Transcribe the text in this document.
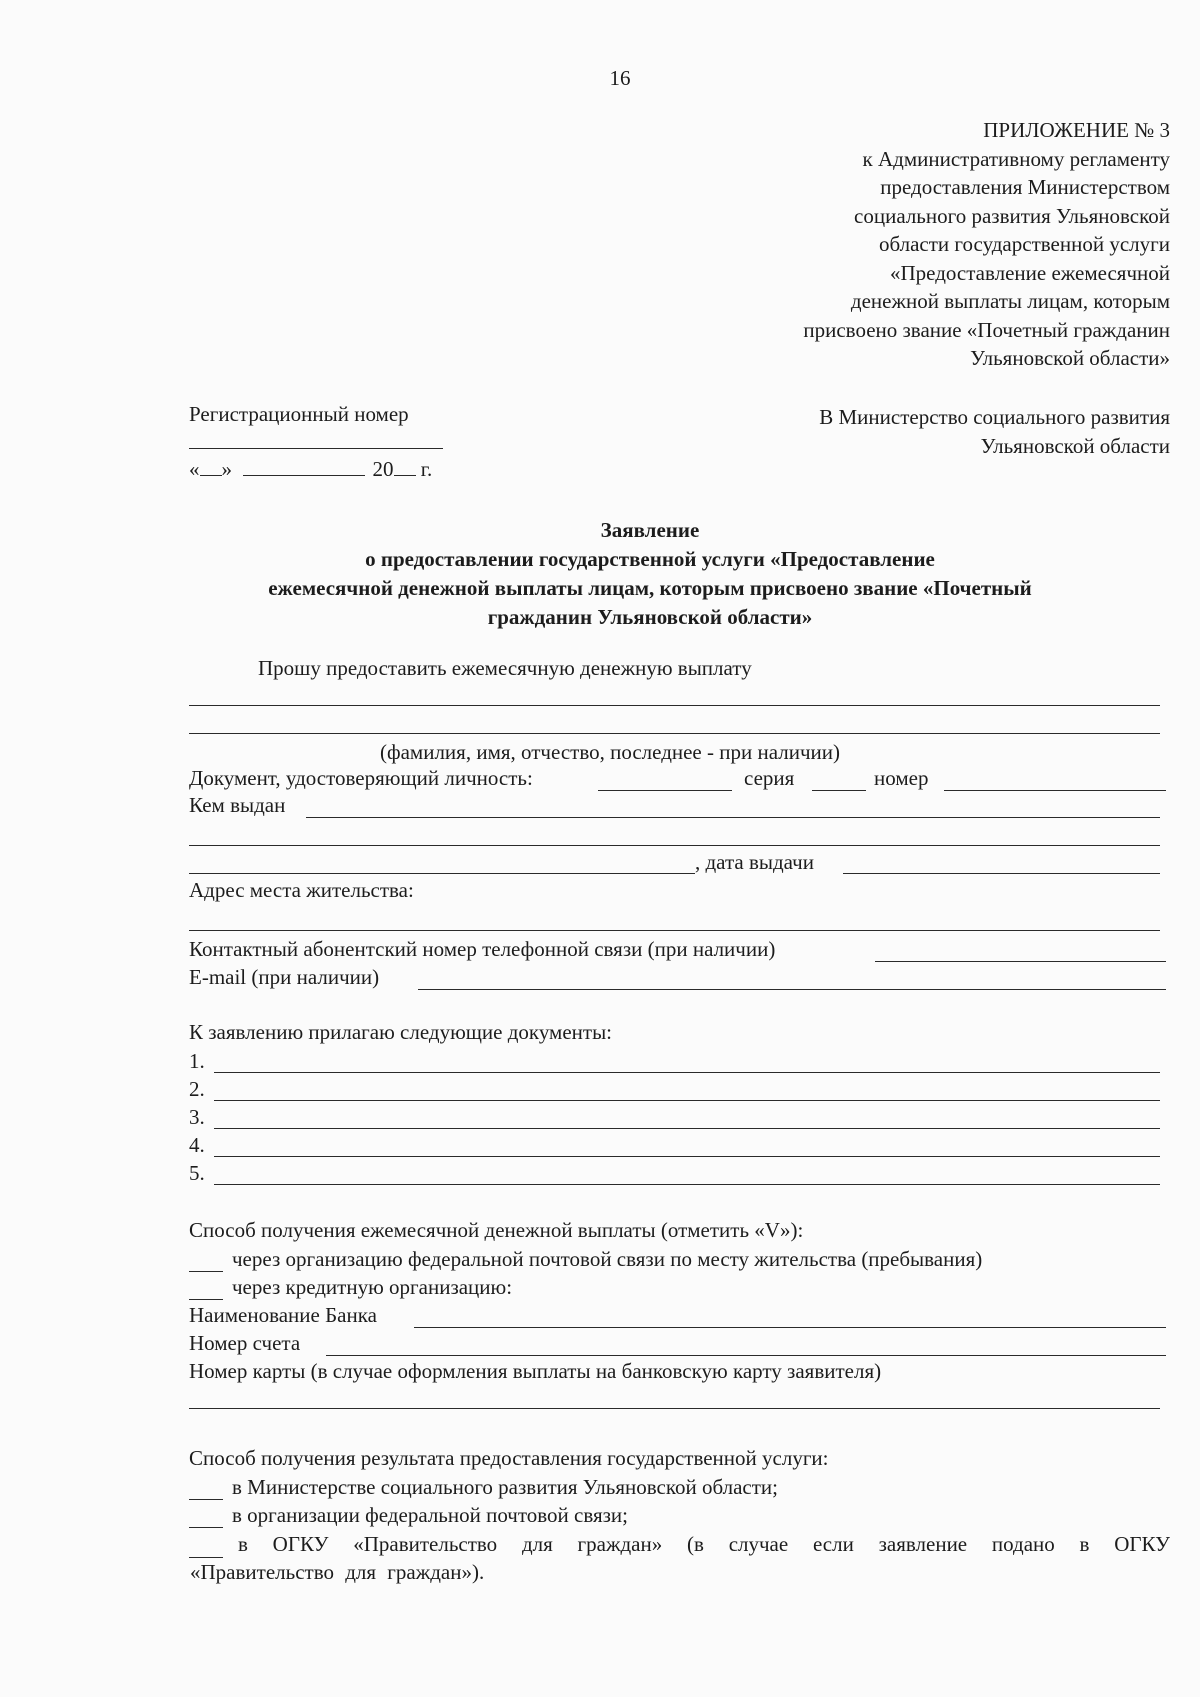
16
ПРИЛОЖЕНИЕ № 3
к Административному регламенту
предоставления Министерством
социального развития Ульяновской
области государственной услуги
«Предоставление ежемесячной
денежной выплаты лицам, которым
присвоено звание «Почетный гражданин
Ульяновской области»
Регистрационный номер
« »	20 г.
В Министерство социального развития
Ульяновской области
Заявление
о предоставлении государственной услуги «Предоставление
ежемесячной денежной выплаты лицам, которым присвоено звание «Почетный
гражданин Ульяновской области»
Прошу предоставить ежемесячную денежную выплату
(фамилия, имя, отчество, последнее - при наличии)
Документ, удостоверяющий личность:	серия	номер
Кем выдан
, дата выдачи
Адрес места жительства:
Контактный абонентский номер телефонной связи (при наличии)
E-mail (при наличии)
К заявлению прилагаю следующие документы:
1.
2.
3.
4.
5.
Способ получения ежемесячной денежной выплаты (отметить «V»):
через организацию федеральной почтовой связи по месту жительства (пребывания)
через кредитную организацию:
Наименование Банка
Номер счета
Номер карты (в случае оформления выплаты на банковскую карту заявителя)
Способ получения результата предоставления государственной услуги:
в Министерстве социального развития Ульяновской области;
в организации федеральной почтовой связи;
в ОГКУ «Правительство для граждан» (в случае если заявление подано в ОГКУ «Правительство для граждан»).
